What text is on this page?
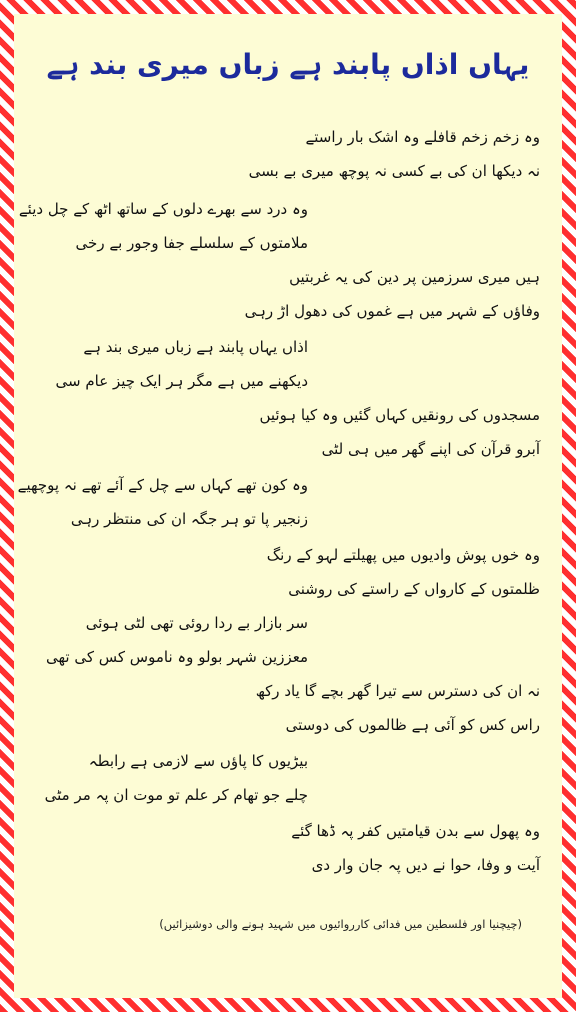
یہاں اذاں پابند ہے زباں میری بند ہے
وہ زخم زخم قافلے وہ اشک بار راستے
نہ دیکھا ان کی بے کسی نہ پوچھ میری بے بسی
وہ درد سے بھرے دلوں کے ساتھ اٹھ کے چل دیئے
ملامتوں کے سلسلے جفا وجور بے رخی
ہیں میری سرزمین پر دین کی یہ غربتیں
وفاؤں کے شہر میں ہے غموں کی دھول اڑ رہی
اذاں یہاں پابند ہے زباں میری بند ہے
دیکھنے میں ہے مگر ہر ایک چیز عام سی
مسجدوں کی رونقیں کہاں گئیں وہ کیا ہوئیں
آبرو قرآن کی اپنے گھر میں ہی لٹی
وہ کون تھے کہاں سے چل کے آئے تھے نہ پوچھیے
زنجیر پا تو ہر جگہ ان کی منتظر رہی
وہ خوں پوش وادیوں میں پھیلتے لہو کے رنگ
ظلمتوں کے کارواں کے راستے کی روشنی
سر بازار بے ردا روئی تھی لٹی ہوئی
معززین شہر بولو وہ ناموس کس کی تھی
نہ ان کی دسترس سے تیرا گھر بچے گا یاد رکھ
راس کس کو آئی ہے ظالموں کی دوستی
بیڑیوں کا پاؤں سے لازمی ہے رابطہ
چلے جو تھام کر علم تو موت ان پہ مر مٹی
وہ پھول سے بدن قیامتیں کفر پہ ڈھا گئے
آیت و وفا، حوا نے دیں پہ جان وار دی
(چیچنیا اور فلسطین میں فدائی کارروائیوں میں شہید ہونے والی دوشیزائیں)
